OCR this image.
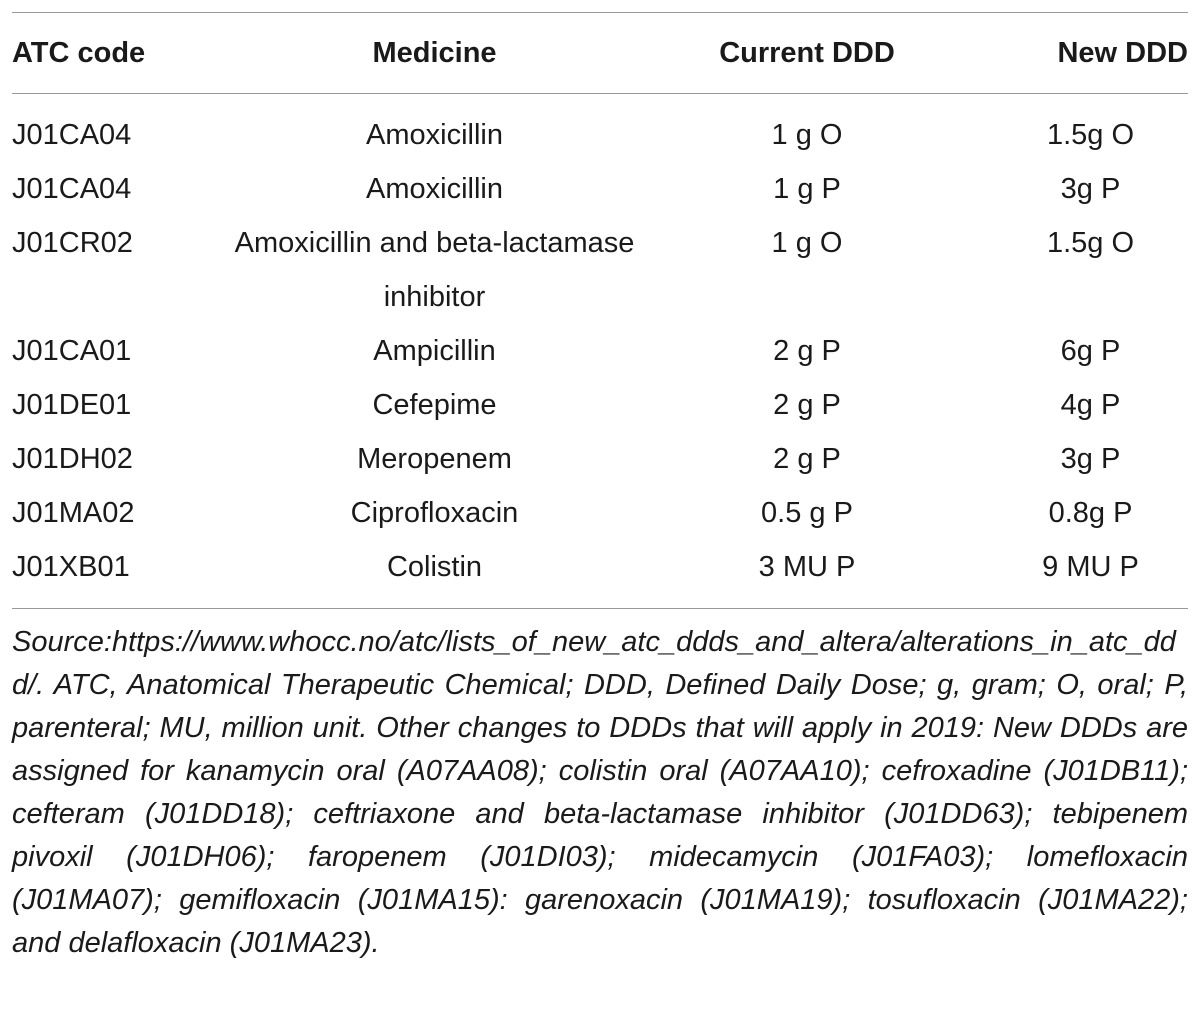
ATC code	Medicine	Current DDD	New DDD

J01CA04	Amoxicillin	1 g O	1.5g O
J01CA04	Amoxicillin	1 g P	3g P
J01CR02	Amoxicillin and beta-lactamase inhibitor	1 g O	1.5g O
J01CA01	Ampicillin	2 g P	6g P
J01DE01	Cefepime	2 g P	4g P
J01DH02	Meropenem	2 g P	3g P
J01MA02	Ciprofloxacin	0.5 g P	0.8g P
J01XB01	Colistin	3 MU P	9 MU P
Source:https://www.whocc.no/atc/lists_of_new_atc_ddds_and_altera/alterations_in_atc_ddd/. ATC, Anatomical Therapeutic Chemical; DDD, Defined Daily Dose; g, gram; O, oral; P, parenteral; MU, million unit. Other changes to DDDs that will apply in 2019: New DDDs are assigned for kanamycin oral (A07AA08); colistin oral (A07AA10); cefroxadine (J01DB11); cefteram (J01DD18); ceftriaxone and beta-lactamase inhibitor (J01DD63); tebipenem pivoxil (J01DH06); faropenem (J01DI03); midecamycin (J01FA03); lomefloxacin (J01MA07); gemifloxacin (J01MA15): garenoxacin (J01MA19); tosufloxacin (J01MA22); and delafloxacin (J01MA23).
